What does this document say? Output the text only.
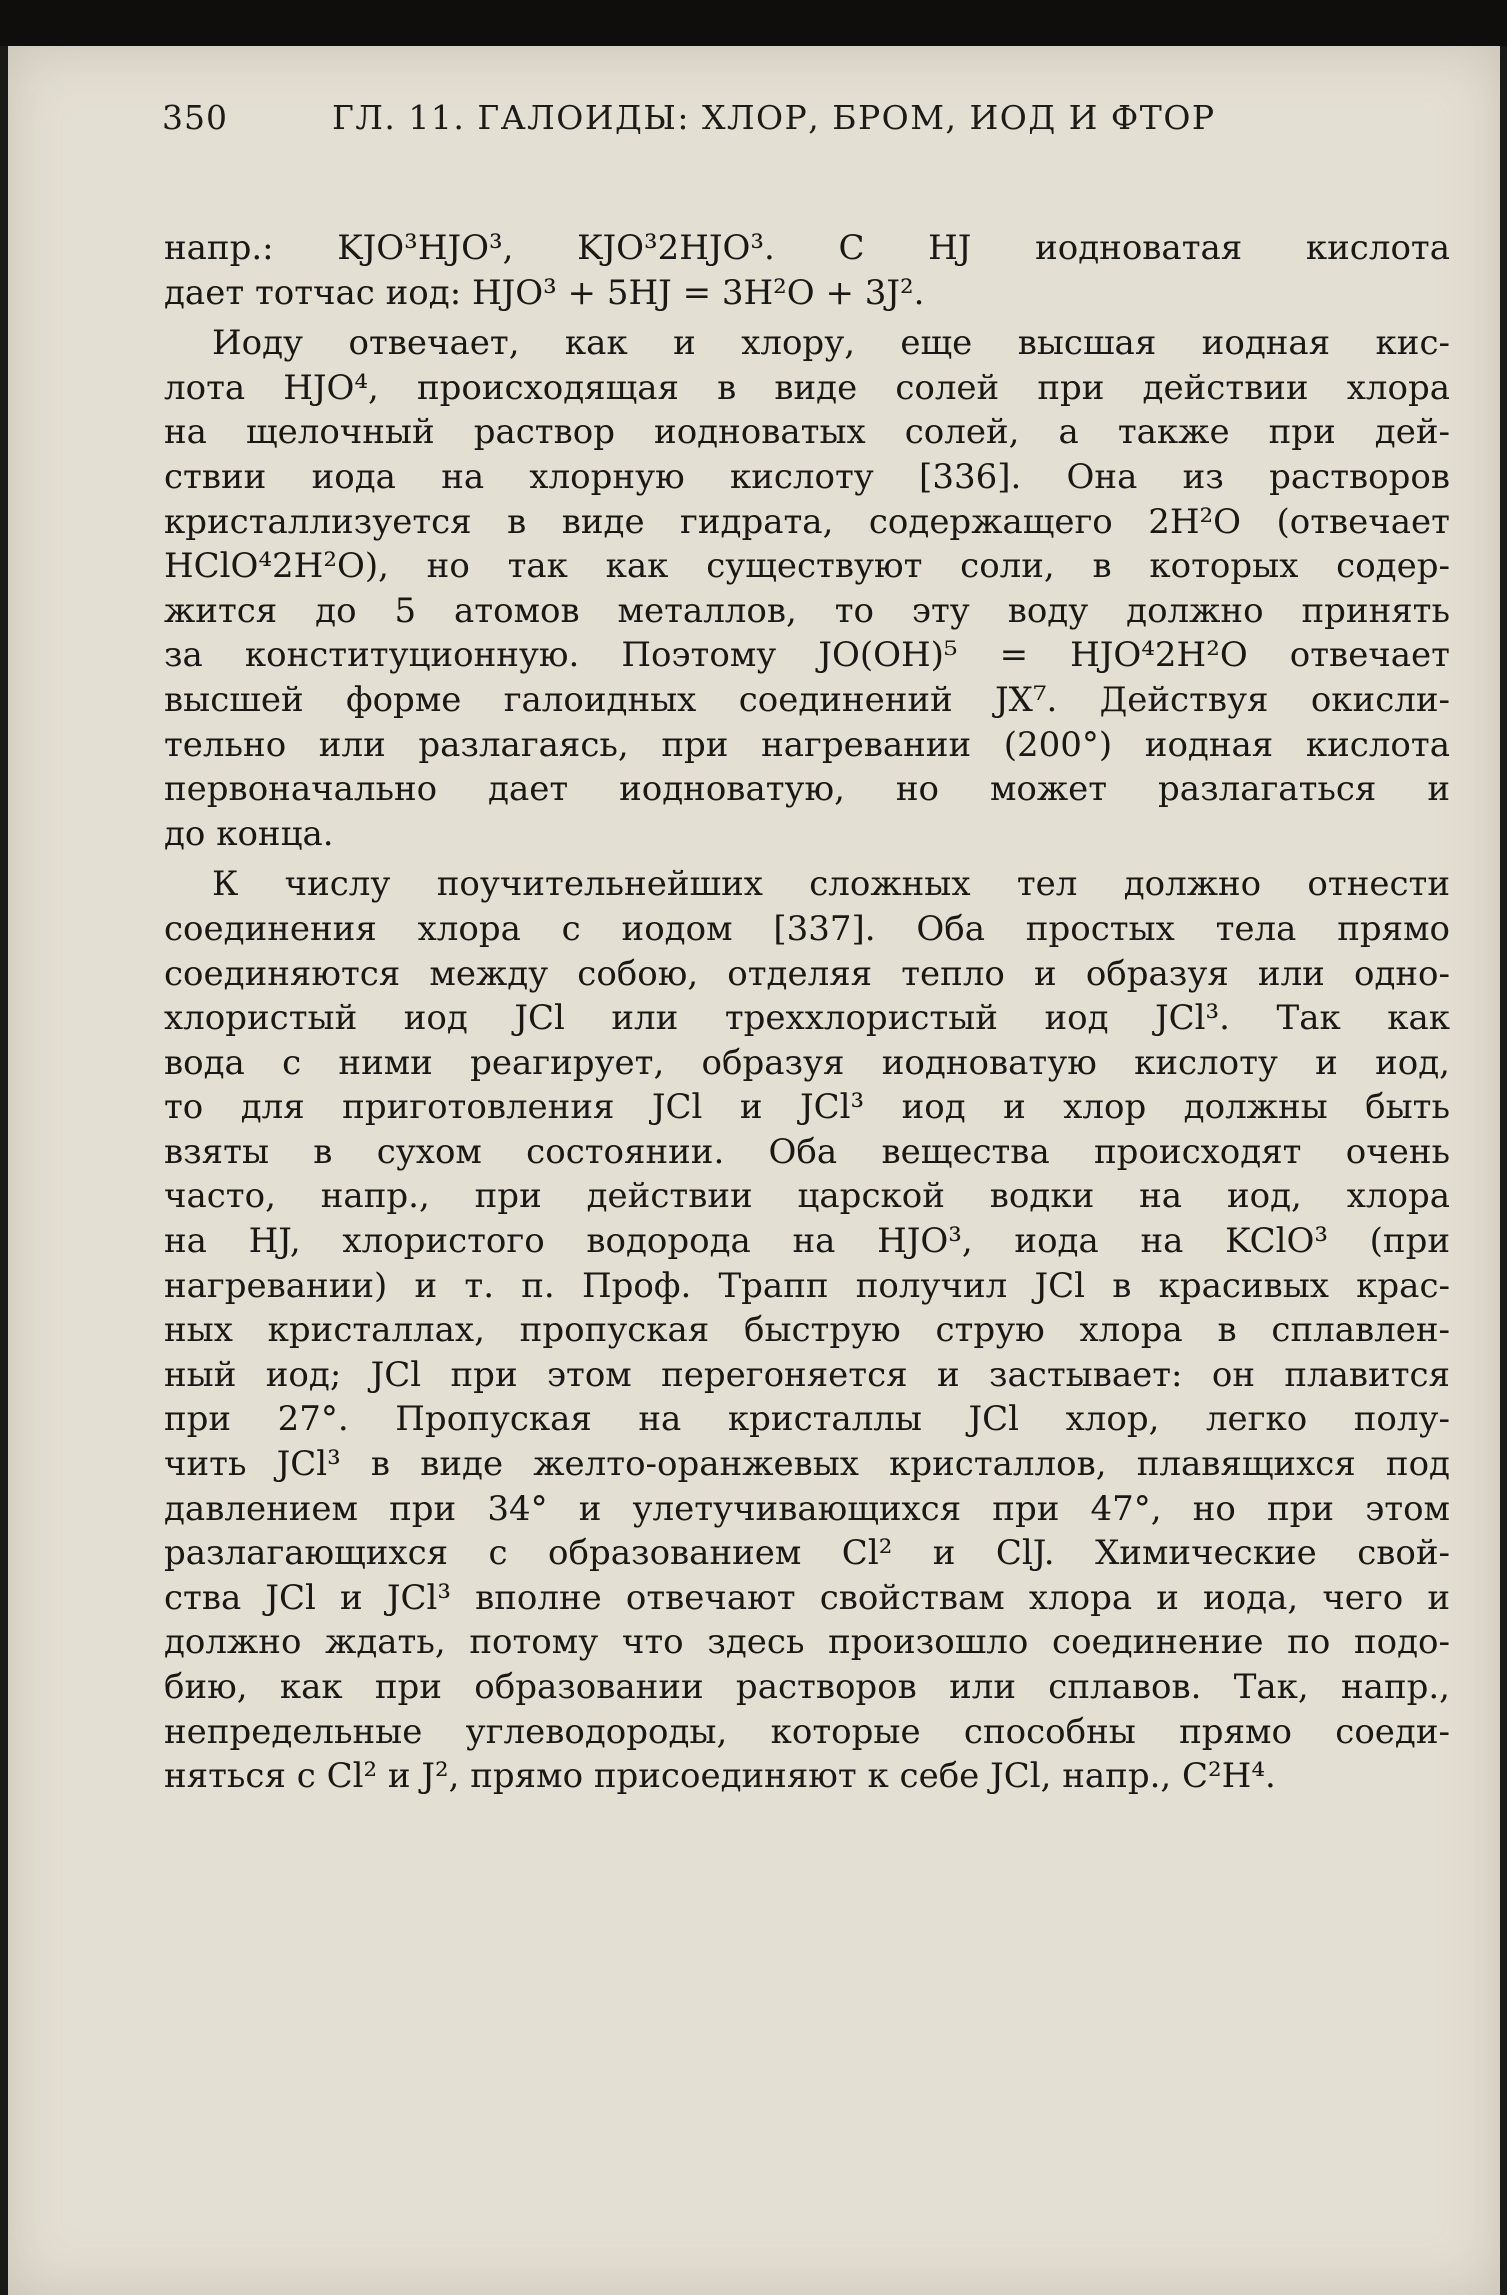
350	ГЛ. 11. ГАЛОИДЫ: ХЛОР, БРОМ, ИОД И ФТОР
напр.: KJO³HJO³, KJO³2HJO³. С HJ иодноватая кислота
дает тотчас иод: HJO³ + 5HJ = 3H²O + 3J².
Иоду отвечает, как и хлору, еще высшая иодная кис-
лота HJO⁴, происходящая в виде солей при действии хлора
на щелочный раствор иодноватых солей, а также при дей-
ствии иода на хлорную кислоту [336]. Она из растворов
кристаллизуется в виде гидрата, содержащего 2H²O (отвечает
HClO⁴2H²O), но так как существуют соли, в которых содер-
жится до 5 атомов металлов, то эту воду должно принять
за конституционную. Поэтому JO(OH)⁵ = HJO⁴2H²O отвечает
высшей форме галоидных соединений JX⁷. Действуя окисли-
тельно или разлагаясь, при нагревании (200°) иодная кислота
первоначально дает иодноватую, но может разлагаться и
до конца.
К числу поучительнейших сложных тел должно отнести
соединения хлора с иодом [337]. Оба простых тела прямо
соединяются между собою, отделяя тепло и образуя или одно-
хлористый иод JCl или треххлористый иод JCl³. Так как
вода с ними реагирует, образуя иодноватую кислоту и иод,
то для приготовления JCl и JCl³ иод и хлор должны быть
взяты в сухом состоянии. Оба вещества происходят очень
часто, напр., при действии царской водки на иод, хлора
на HJ, хлористого водорода на HJO³, иода на KClO³ (при
нагревании) и т. п. Проф. Трапп получил JCl в красивых крас-
ных кристаллах, пропуская быструю струю хлора в сплавлен-
ный иод; JCl при этом перегоняется и застывает: он плавится
при 27°. Пропуская на кристаллы JCl хлор, легко полу-
чить JCl³ в виде желто-оранжевых кристаллов, плавящихся под
давлением при 34° и улетучивающихся при 47°, но при этом
разлагающихся с образованием Cl² и ClJ. Химические свой-
ства JCl и JCl³ вполне отвечают свойствам хлора и иода, чего и
должно ждать, потому что здесь произошло соединение по подо-
бию, как при образовании растворов или сплавов. Так, напр.,
непредельные углеводороды, которые способны прямо соеди-
няться с Cl² и J², прямо присоединяют к себе JCl, напр., C²H⁴.
